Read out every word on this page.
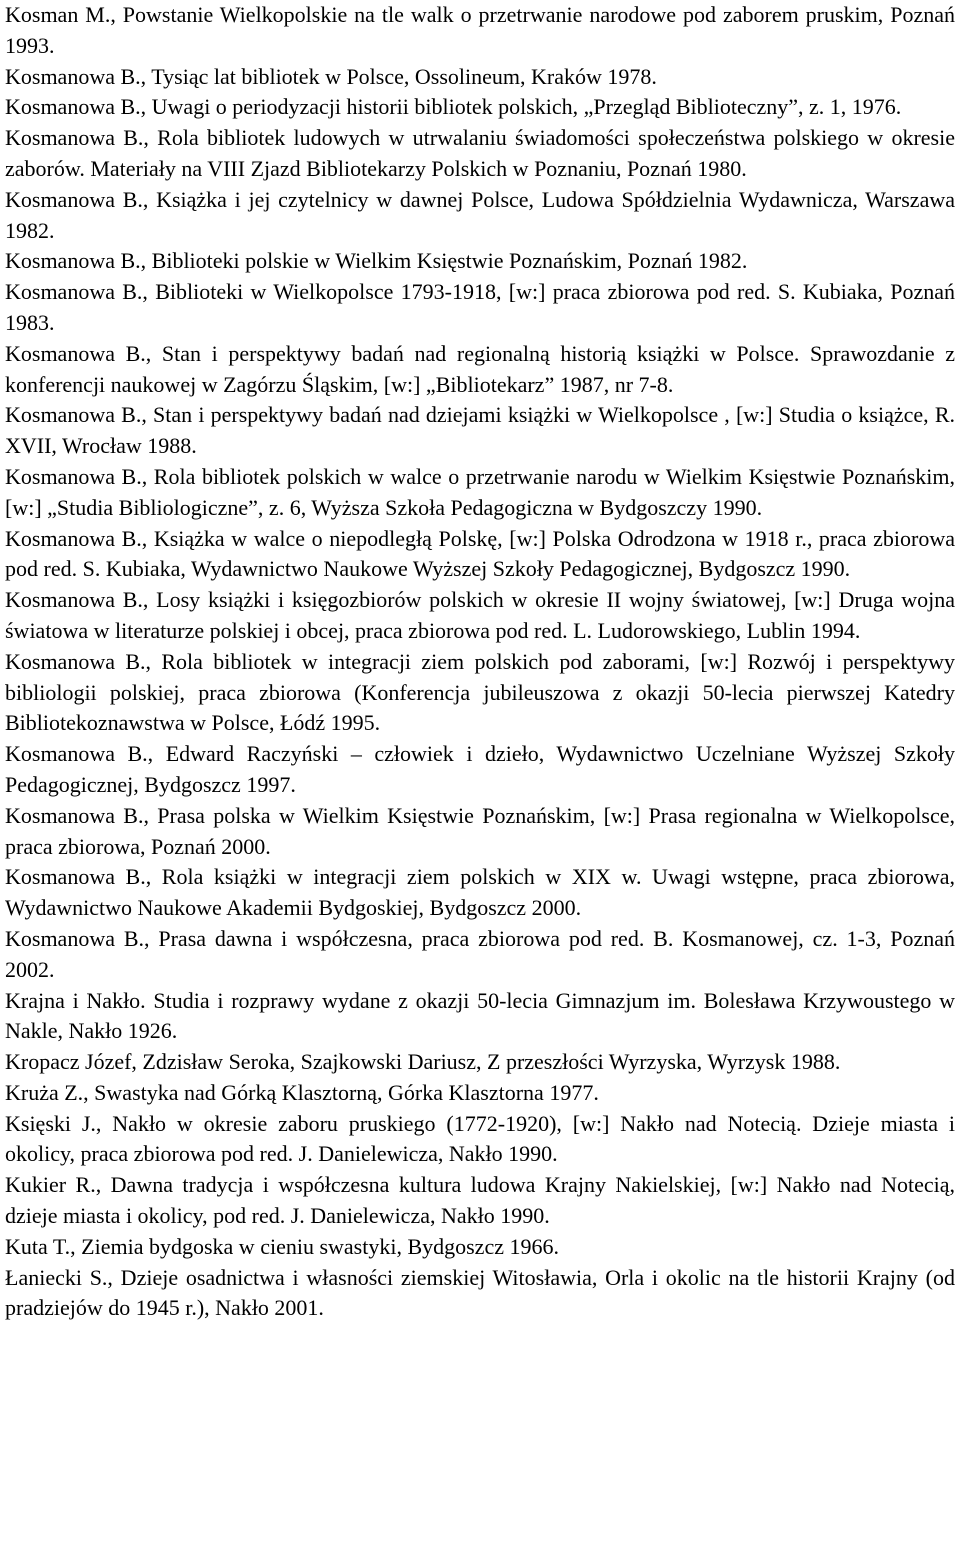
Kosman M., Powstanie Wielkopolskie na tle walk o przetrwanie narodowe pod zaborem pruskim, Poznań 1993.
Kosmanowa B., Tysiąc lat bibliotek w Polsce, Ossolineum, Kraków 1978.
Kosmanowa B., Uwagi o periodyzacji historii bibliotek polskich, „Przegląd Biblioteczny”, z. 1, 1976.
Kosmanowa B., Rola bibliotek ludowych w utrwalaniu świadomości społeczeństwa polskiego w okresie zaborów. Materiały na VIII Zjazd Bibliotekarzy Polskich w Poznaniu, Poznań 1980.
Kosmanowa B., Książka i jej czytelnicy w dawnej Polsce, Ludowa Spółdzielnia Wydawnicza, Warszawa 1982.
Kosmanowa B., Biblioteki polskie w Wielkim Księstwie Poznańskim, Poznań 1982.
Kosmanowa B., Biblioteki w Wielkopolsce 1793-1918, [w:] praca zbiorowa pod red. S. Kubiaka, Poznań 1983.
Kosmanowa B., Stan i perspektywy badań nad regionalną historią książki w Polsce. Sprawozdanie z konferencji naukowej w Zagórzu Śląskim, [w:] „Bibliotekarz” 1987, nr 7-8.
Kosmanowa B., Stan i perspektywy badań nad dziejami książki w Wielkopolsce , [w:] Studia o książce, R. XVII, Wrocław 1988.
Kosmanowa B., Rola bibliotek polskich w walce o przetrwanie narodu w Wielkim Księstwie Poznańskim, [w:] „Studia Bibliologiczne”, z. 6, Wyższa Szkoła Pedagogiczna w Bydgoszczy 1990.
Kosmanowa B., Książka w walce o niepodległą Polskę, [w:] Polska Odrodzona w 1918 r., praca zbiorowa pod red. S. Kubiaka, Wydawnictwo Naukowe Wyższej Szkoły Pedagogicznej, Bydgoszcz 1990.
Kosmanowa B., Losy książki i księgozbiorów polskich w okresie II wojny światowej, [w:] Druga wojna światowa w literaturze polskiej i obcej, praca zbiorowa pod red. L. Ludorowskiego, Lublin 1994.
Kosmanowa B., Rola bibliotek w integracji ziem polskich pod zaborami, [w:] Rozwój i perspektywy bibliologii polskiej, praca zbiorowa (Konferencja jubileuszowa z okazji 50-lecia pierwszej Katedry Bibliotekoznawstwa w Polsce, Łódź 1995.
Kosmanowa B., Edward Raczyński – człowiek i dzieło, Wydawnictwo Uczelniane Wyższej Szkoły Pedagogicznej, Bydgoszcz 1997.
Kosmanowa B., Prasa polska w Wielkim Księstwie Poznańskim, [w:] Prasa regionalna w Wielkopolsce, praca zbiorowa, Poznań 2000.
Kosmanowa B., Rola książki w integracji ziem polskich w XIX w. Uwagi wstępne, praca zbiorowa, Wydawnictwo Naukowe Akademii Bydgoskiej, Bydgoszcz 2000.
Kosmanowa B., Prasa dawna i współczesna, praca zbiorowa pod red. B. Kosmanowej, cz. 1-3, Poznań 2002.
Krajna i Nakło. Studia i rozprawy wydane z okazji 50-lecia Gimnazjum im. Bolesława Krzywoustego w Nakle, Nakło 1926.
Kropacz Józef, Zdzisław Seroka, Szajkowski Dariusz, Z przeszłości Wyrzyska, Wyrzysk 1988.
Kruża Z., Swastyka nad Górką Klasztorną, Górka Klasztorna 1977.
Księski J., Nakło w okresie zaboru pruskiego (1772-1920), [w:] Nakło nad Notecią. Dzieje miasta i okolicy, praca zbiorowa pod red. J. Danielewicza, Nakło 1990.
Kukier R., Dawna tradycja i współczesna kultura ludowa Krajny Nakielskiej, [w:] Nakło nad Notecią, dzieje miasta i okolicy, pod red. J. Danielewicza, Nakło 1990.
Kuta T., Ziemia bydgoska w cieniu swastyki, Bydgoszcz 1966.
Łaniecki S., Dzieje osadnictwa i własności ziemskiej Witosławia, Orla i okolic na tle historii Krajny (od pradziejów do 1945 r.), Nakło 2001.
